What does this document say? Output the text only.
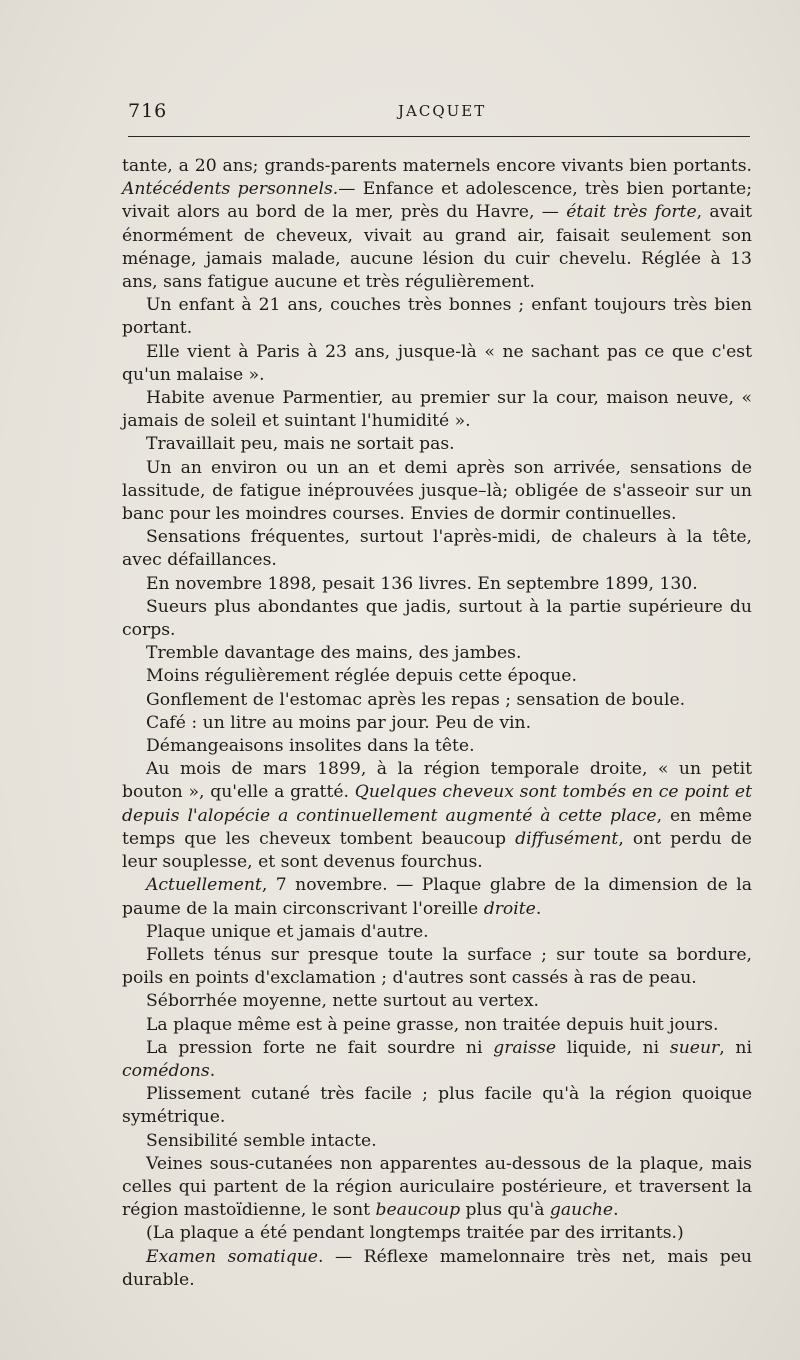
716	JACQUET

tante, a 20 ans; grands-parents maternels encore vivants bien portants. Antécédents personnels.— Enfance et adolescence, très bien portante; vivait alors au bord de la mer, près du Havre, — était très forte, avait énormément de cheveux, vivait au grand air, faisait seulement son ménage, jamais malade, aucune lésion du cuir chevelu. Réglée à 13 ans, sans fatigue aucune et très régulièrement.

Un enfant à 21 ans, couches très bonnes ; enfant toujours très bien portant.

Elle vient à Paris à 23 ans, jusque-là « ne sachant pas ce que c'est qu'un malaise ».

Habite avenue Parmentier, au premier sur la cour, maison neuve, « jamais de soleil et suintant l'humidité ».

Travaillait peu, mais ne sortait pas.

Un an environ ou un an et demi après son arrivée, sensations de lassitude, de fatigue inéprouvées jusque–là; obligée de s'asseoir sur un banc pour les moindres courses. Envies de dormir continuelles.

Sensations fréquentes, surtout l'après-midi, de chaleurs à la tête, avec défaillances.

En novembre 1898, pesait 136 livres. En septembre 1899, 130.

Sueurs plus abondantes que jadis, surtout à la partie supérieure du corps.

Tremble davantage des mains, des jambes.

Moins régulièrement réglée depuis cette époque.

Gonflement de l'estomac après les repas ; sensation de boule.

Café : un litre au moins par jour. Peu de vin.

Démangeaisons insolites dans la tête.

Au mois de mars 1899, à la région temporale droite, « un petit bouton », qu'elle a gratté. Quelques cheveux sont tombés en ce point et depuis l'alopécie a continuellement augmenté à cette place, en même temps que les cheveux tombent beaucoup diffusément, ont perdu de leur souplesse, et sont devenus fourchus.

Actuellement, 7 novembre. — Plaque glabre de la dimension de la paume de la main circonscrivant l'oreille droite.

Plaque unique et jamais d'autre.

Follets ténus sur presque toute la surface ; sur toute sa bordure, poils en points d'exclamation ; d'autres sont cassés à ras de peau.

Séborrhée moyenne, nette surtout au vertex.

La plaque même est à peine grasse, non traitée depuis huit jours.

La pression forte ne fait sourdre ni graisse liquide, ni sueur, ni comédons.

Plissement cutané très facile ; plus facile qu'à la région quoique symétrique.

Sensibilité semble intacte.

Veines sous-cutanées non apparentes au-dessous de la plaque, mais celles qui partent de la région auriculaire postérieure, et traversent la région mastoïdienne, le sont beaucoup plus qu'à gauche.

(La plaque a été pendant longtemps traitée par des irritants.)

Examen somatique. — Réflexe mamelonnaire très net, mais peu durable.
